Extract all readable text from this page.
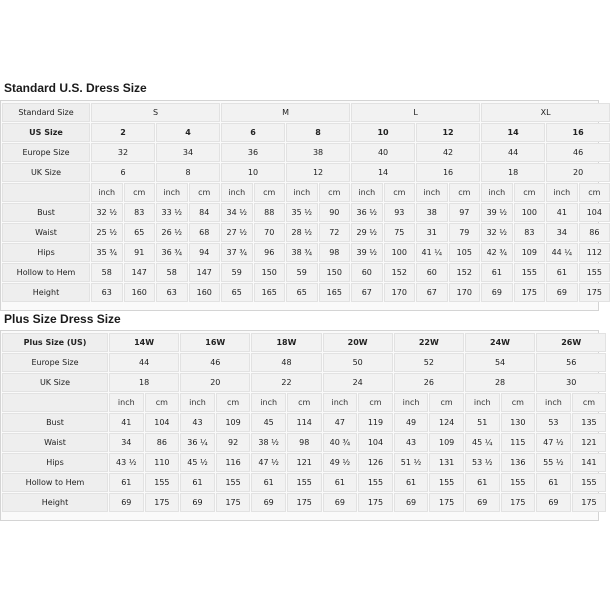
Standard U.S. Dress Size
Standard Size	S				M				L				XL			
US Size	2		4		6		8		10		12		14		16	
Europe Size	32		34		36		38		40		42		44		46	
UK Size	6		8		10		12		14		16		18		20	
	inch	cm	inch	cm	inch	cm	inch	cm	inch	cm	inch	cm	inch	cm	inch	cm
Bust	32 ½	83	33 ½	84	34 ½	88	35 ½	90	36 ½	93	38	97	39 ½	100	41	104
Waist	25 ½	65	26 ½	68	27 ½	70	28 ½	72	29 ½	75	31	79	32 ½	83	34	86
Hips	35 ¾	91	36 ¾	94	37 ¾	96	38 ¾	98	39 ½	100	41 ¼	105	42 ¾	109	44 ¼	112
Hollow to Hem	58	147	58	147	59	150	59	150	60	152	60	152	61	155	61	155
Height	63	160	63	160	65	165	65	165	67	170	67	170	69	175	69	175
Plus Size Dress Size
Plus Size (US)	14W		16W		18W		20W		22W		24W		26W	
Europe Size	44		46		48		50		52		54		56	
UK Size	18		20		22		24		26		28		30	
	inch	cm	inch	cm	inch	cm	inch	cm	inch	cm	inch	cm	inch	cm
Bust	41	104	43	109	45	114	47	119	49	124	51	130	53	135
Waist	34	86	36 ¼	92	38 ½	98	40 ¾	104	43	109	45 ¼	115	47 ½	121
Hips	43 ½	110	45 ½	116	47 ½	121	49 ½	126	51 ½	131	53 ½	136	55 ½	141
Hollow to Hem	61	155	61	155	61	155	61	155	61	155	61	155	61	155
Height	69	175	69	175	69	175	69	175	69	175	69	175	69	175
